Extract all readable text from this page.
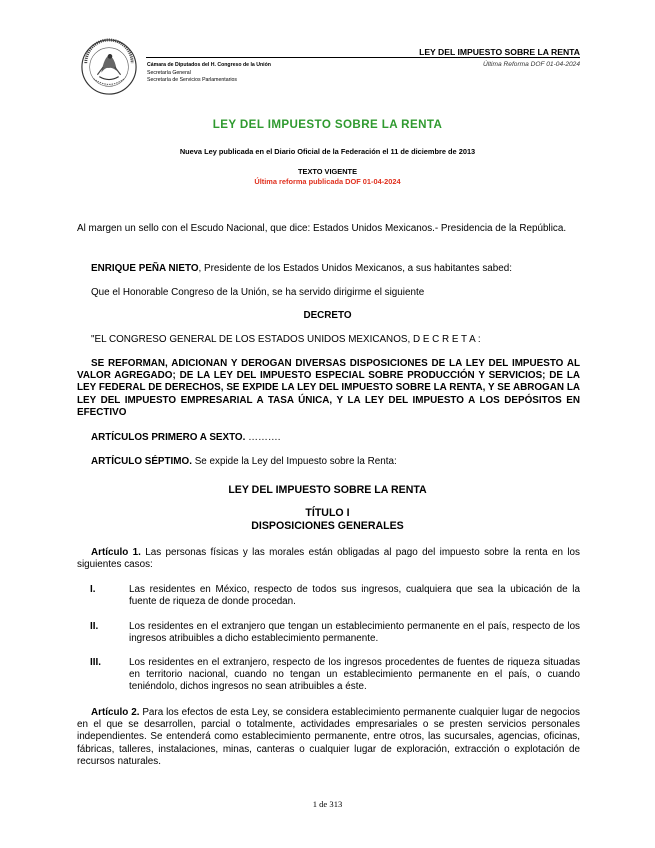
Cámara de Diputados del H. Congreso de la Unión
Secretaría General
Secretaría de Servicios Parlamentarios
LEY DEL IMPUESTO SOBRE LA RENTA
Última Reforma DOF 01-04-2024
LEY DEL IMPUESTO SOBRE LA RENTA
Nueva Ley publicada en el Diario Oficial de la Federación el 11 de diciembre de 2013
TEXTO VIGENTE
Última reforma publicada DOF 01-04-2024
Al margen un sello con el Escudo Nacional, que dice: Estados Unidos Mexicanos.- Presidencia de la República.
ENRIQUE PEÑA NIETO, Presidente de los Estados Unidos Mexicanos, a sus habitantes sabed:
Que el Honorable Congreso de la Unión, se ha servido dirigirme el siguiente
DECRETO
"EL CONGRESO GENERAL DE LOS ESTADOS UNIDOS MEXICANOS, D E C R E T A :
SE REFORMAN, ADICIONAN Y DEROGAN DIVERSAS DISPOSICIONES DE LA LEY DEL IMPUESTO AL VALOR AGREGADO; DE LA LEY DEL IMPUESTO ESPECIAL SOBRE PRODUCCIÓN Y SERVICIOS; DE LA LEY FEDERAL DE DERECHOS, SE EXPIDE LA LEY DEL IMPUESTO SOBRE LA RENTA, Y SE ABROGAN LA LEY DEL IMPUESTO EMPRESARIAL A TASA ÚNICA, Y LA LEY DEL IMPUESTO A LOS DEPÓSITOS EN EFECTIVO
ARTÍCULOS PRIMERO A SEXTO. ……….
ARTÍCULO SÉPTIMO. Se expide la Ley del Impuesto sobre la Renta:
LEY DEL IMPUESTO SOBRE LA RENTA
TÍTULO I
DISPOSICIONES GENERALES
Artículo 1. Las personas físicas y las morales están obligadas al pago del impuesto sobre la renta en los siguientes casos:
I.	Las residentes en México, respecto de todos sus ingresos, cualquiera que sea la ubicación de la fuente de riqueza de donde procedan.
II.	Los residentes en el extranjero que tengan un establecimiento permanente en el país, respecto de los ingresos atribuibles a dicho establecimiento permanente.
III.	Los residentes en el extranjero, respecto de los ingresos procedentes de fuentes de riqueza situadas en territorio nacional, cuando no tengan un establecimiento permanente en el país, o cuando teniéndolo, dichos ingresos no sean atribuibles a éste.
Artículo 2. Para los efectos de esta Ley, se considera establecimiento permanente cualquier lugar de negocios en el que se desarrollen, parcial o totalmente, actividades empresariales o se presten servicios personales independientes. Se entenderá como establecimiento permanente, entre otros, las sucursales, agencias, oficinas, fábricas, talleres, instalaciones, minas, canteras o cualquier lugar de exploración, extracción o explotación de recursos naturales.
1 de 313
